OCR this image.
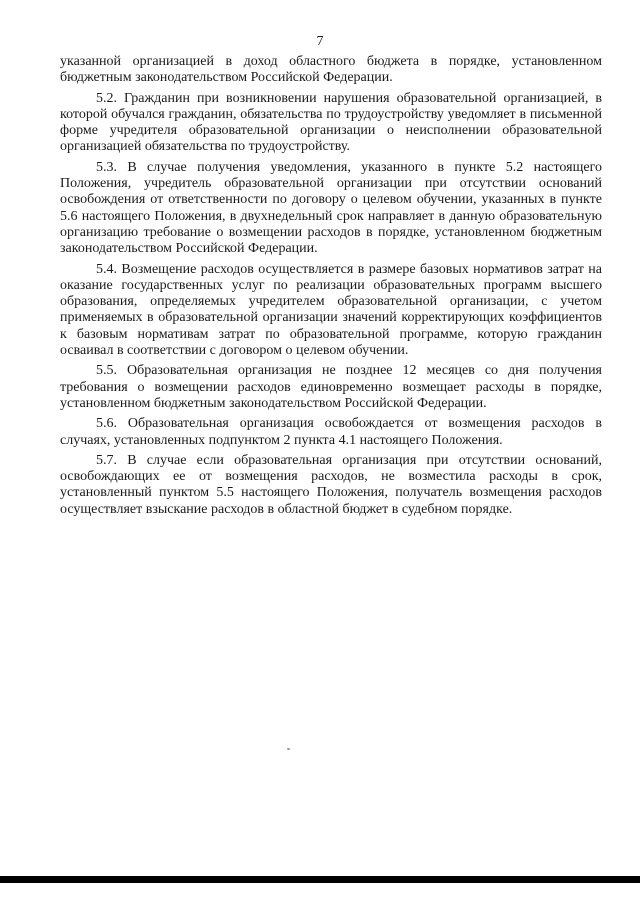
7

указанной организацией в доход областного бюджета в порядке, установленном бюджетным законодательством Российской Федерации.

5.2. Гражданин при возникновении нарушения образовательной организацией, в которой обучался гражданин, обязательства по трудоустройству уведомляет в письменной форме учредителя образовательной организации о неисполнении образовательной организацией обязательства по трудоустройству.

5.3. В случае получения уведомления, указанного в пункте 5.2 настоящего Положения, учредитель образовательной организации при отсутствии оснований освобождения от ответственности по договору о целевом обучении, указанных в пункте 5.6 настоящего Положения, в двухнедельный срок направляет в данную образовательную организацию требование о возмещении расходов в порядке, установленном бюджетным законодательством Российской Федерации.

5.4. Возмещение расходов осуществляется в размере базовых нормативов затрат на оказание государственных услуг по реализации образовательных программ высшего образования, определяемых учредителем образовательной организации, с учетом применяемых в образовательной организации значений корректирующих коэффициентов к базовым нормативам затрат по образовательной программе, которую гражданин осваивал в соответствии с договором о целевом обучении.

5.5. Образовательная организация не позднее 12 месяцев со дня получения требования о возмещении расходов единовременно возмещает расходы в порядке, установленном бюджетным законодательством Российской Федерации.

5.6. Образовательная организация освобождается от возмещения расходов в случаях, установленных подпунктом 2 пункта 4.1 настоящего Положения.

5.7. В случае если образовательная организация при отсутствии оснований, освобождающих ее от возмещения расходов, не возместила расходы в срок, установленный пунктом 5.5 настоящего Положения, получатель возмещения расходов осуществляет взыскание расходов в областной бюджет в судебном порядке.
